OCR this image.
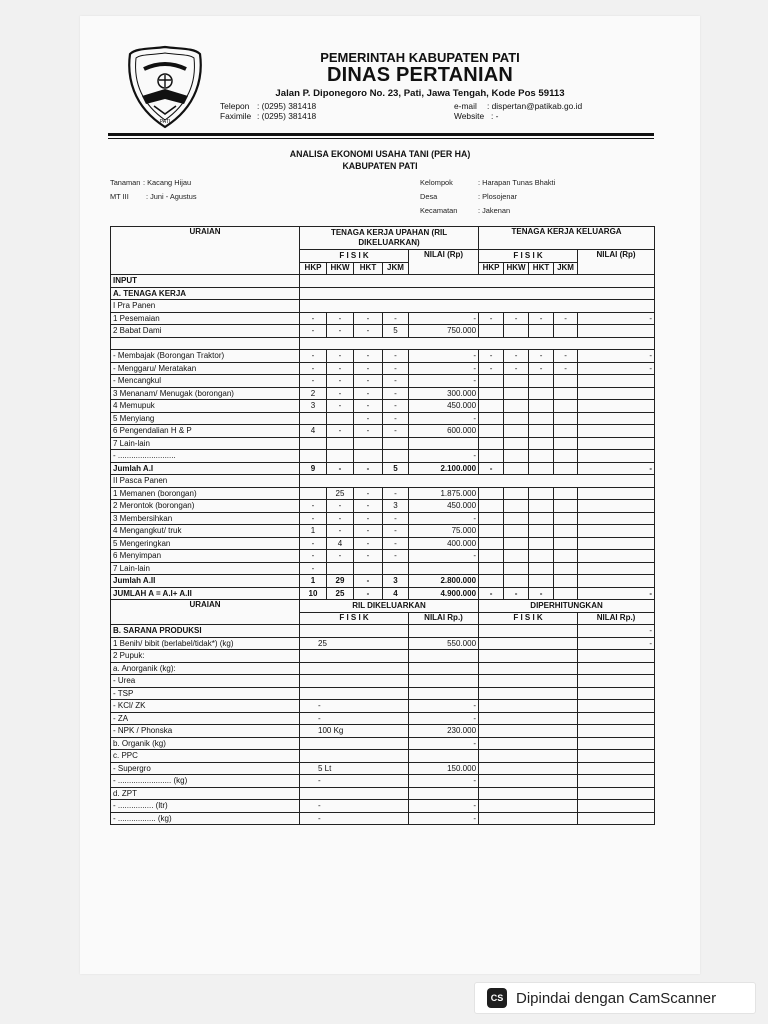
PATI
PEMERINTAH KABUPATEN PATI
DINAS PERTANIAN
Jalan P. Diponegoro No. 23, Pati, Jawa Tengah, Kode Pos 59113
Telepon : (0295) 381418
Faximile : (0295) 381418
e-mail : dispertan@patikab.go.id
Website : -
ANALISA EKONOMI USAHA TANI (PER HA)
KABUPATEN PATI
Tanaman : Kacang Hijau
MT III : Juni - Agustus
Kelompok	: Harapan Tunas Bhakti
Desa	: Plosojenar
Kecamatan	: Jakenan
URAIAN	TENAGA KERJA UPAHAN (RIL DIKELUARKAN)					TENAGA KERJA KELUARGA				
	F I S I K				NILAI (Rp)	F I S I K				NILAI (Rp)
	HKP	HKW	HKT	JKM		HKP	HKW	HKT	JKM	
INPUT										
A. TENAGA KERJA										
I Pra Panen										
1 Pesemaian	-	-	-	-	-	-	-	-	-	-
2 Babat Dami	-	-	-	5	750.000					

- Membajak (Borongan Traktor)	-	-	-	-	-	-	-	-	-	-
- Menggaru/ Meratakan	-	-	-	-	-	-	-	-	-	-
- Mencangkul	-	-	-	-	-					
3 Menanam/ Menugak (borongan)	2	-	-	-	300.000					
4 Memupuk	3	-	-	-	450.000					
5 Menyiang			-	-	-					
6 Pengendalian H & P	4	-	-	-	600.000					
7 Lain-lain										
- ..........................					-					
Jumlah A.I	9	-	-	5	2.100.000	-				-
II Pasca Panen										
1 Memanen (borongan)		25	-	-	1.875.000					
2 Merontok (borongan)	-	-	-	3	450.000					
3 Membersihkan	-	-	-	-	-					
4 Mengangkut/ truk	1	-	-	-	75.000					
5 Mengeringkan	-	4	-	-	400.000					
6 Menyimpan	-	-	-	-	-					
7 Lain-lain	-									
Jumlah A.II	1	29	-	3	2.800.000					
JUMLAH A = A.I+ A.II	10	25	-	4	4.900.000	-	-	-		-
URAIAN	RIL DIKELUARKAN					DIPERHITUNGKAN				
	F I S I K				NILAI Rp.)	F I S I K				NILAI Rp.)
B. SARANA PRODUKSI										-
1 Benih/ bibit (berlabel/tidak*) (kg)	25				550.000					-
2 Pupuk:										
a. Anorganik (kg):										
- Urea										
- TSP										
- KCl/ ZK	-				-					
- ZA	-				-					
- NPK / Phonska	100 Kg				230.000					
b. Organik (kg)					-					
c. PPC										
- Supergro	5 Lt				150.000					
- ........................ (kg)	-				-					
d. ZPT										
- ................ (ltr)	-				-					
- ................. (kg)	-				-					
CS Dipindai dengan CamScanner
